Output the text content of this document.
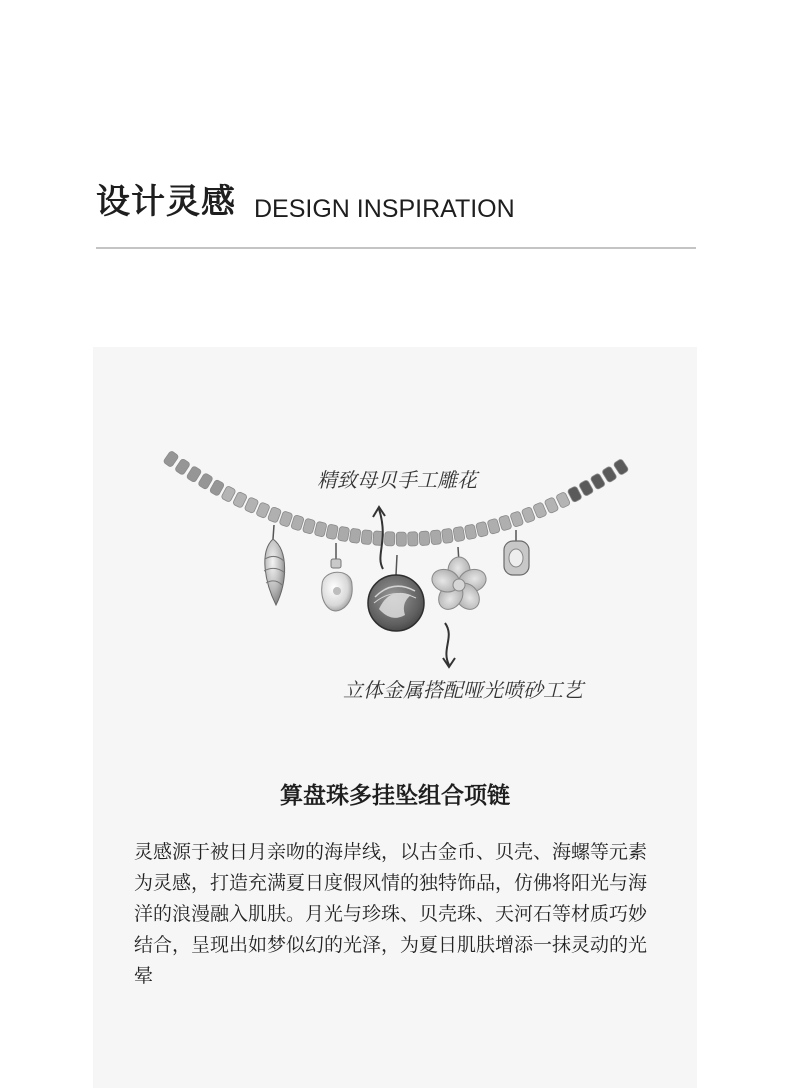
设计灵感 DESIGN INSPIRATION
精致母贝手工雕花
立体金属搭配哑光喷砂工艺
算盘珠多挂坠组合项链
灵感源于被日月亲吻的海岸线，以古金币、贝壳、海螺等元素为灵感，打造充满夏日度假风情的独特饰品，仿佛将阳光与海洋的浪漫融入肌肤。月光与珍珠、贝壳珠、天河石等材质巧妙结合，呈现出如梦似幻的光泽，为夏日肌肤增添一抹灵动的光晕
